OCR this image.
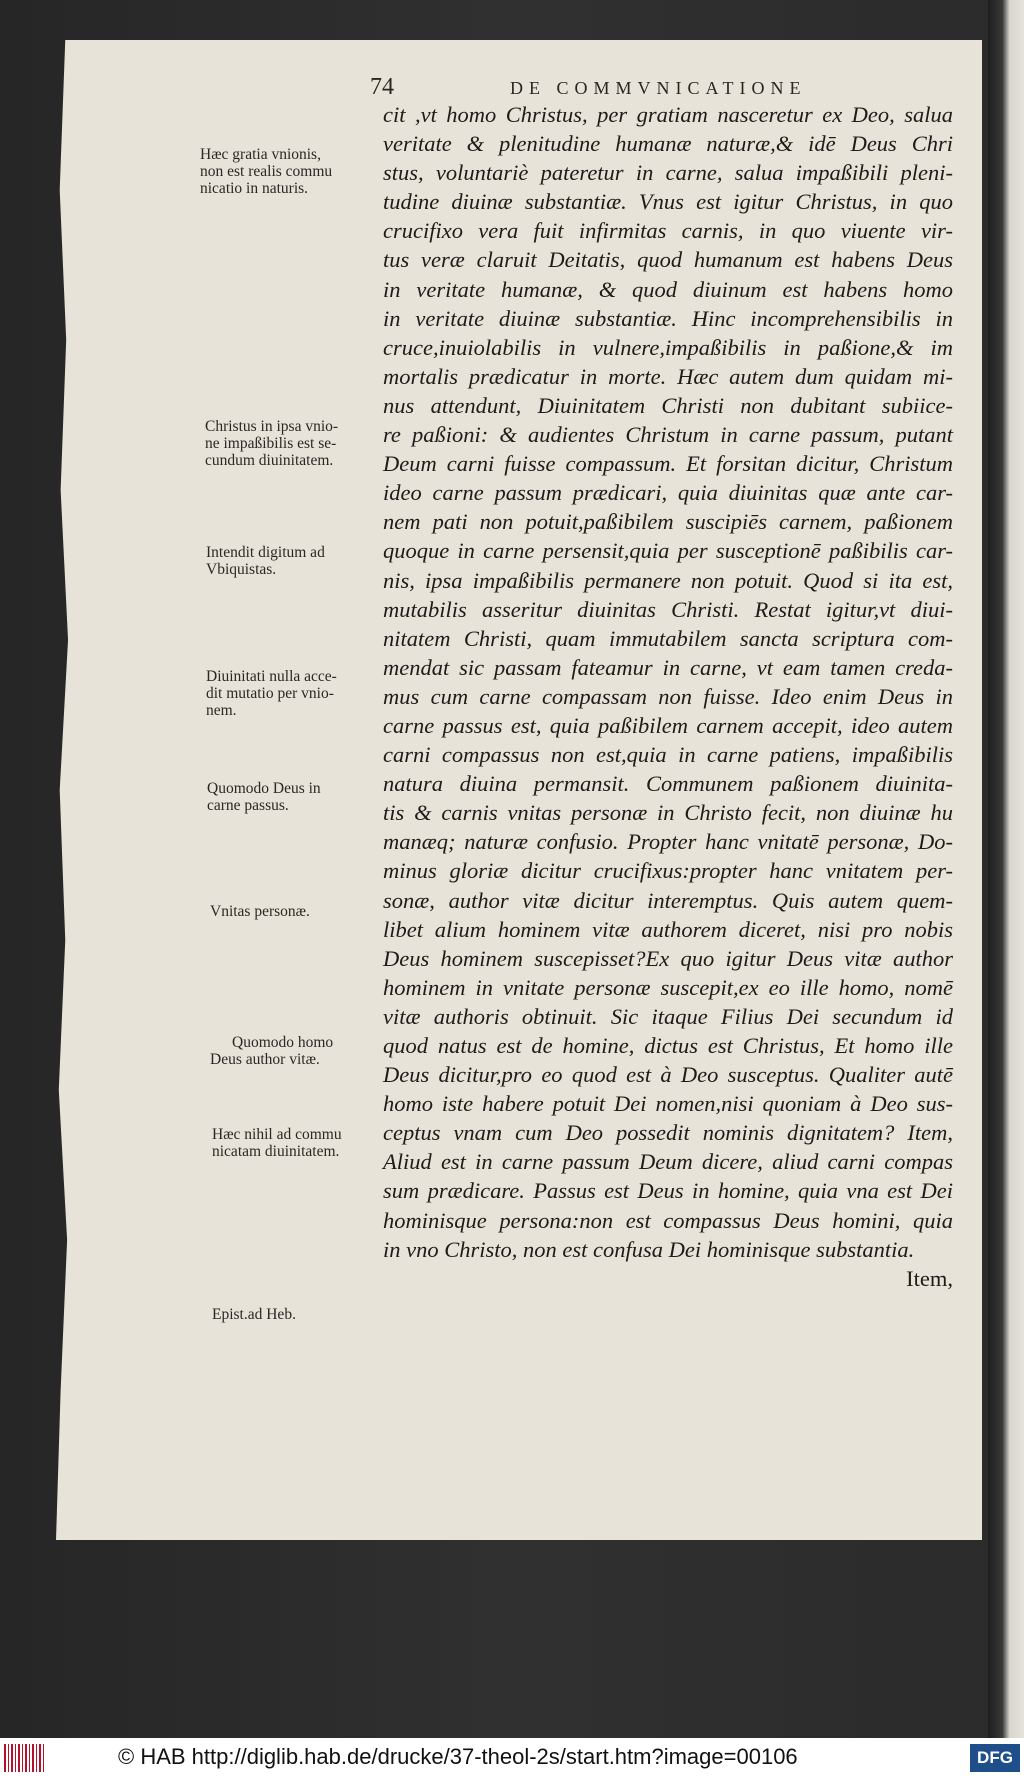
74	DE COMMVNICATIONE
cit ,vt homo Christus, per gratiam nasceretur ex Deo, salua
veritate & plenitudine humanæ naturæ,& idē Deus Chri
stus, voluntariè pateretur in carne, salua impaßibili pleni-
tudine diuinæ substantiæ. Vnus est igitur Christus, in quo
crucifixo vera fuit infirmitas carnis, in quo viuente vir-
tus veræ claruit Deitatis, quod humanum est habens Deus
in veritate humanæ, & quod diuinum est habens homo
in veritate diuinæ substantiæ. Hinc incomprehensibilis in
cruce,inuiolabilis in vulnere,impaßibilis in paßione,& im
mortalis prædicatur in morte. Hæc autem dum quidam mi-
nus attendunt, Diuinitatem Christi non dubitant subiice-
re paßioni: & audientes Christum in carne passum, putant
Deum carni fuisse compassum. Et forsitan dicitur, Christum
ideo carne passum prædicari, quia diuinitas quæ ante car-
nem pati non potuit,paßibilem suscipiēs carnem, paßionem
quoque in carne persensit,quia per susceptionē paßibilis car-
nis, ipsa impaßibilis permanere non potuit. Quod si ita est,
mutabilis asseritur diuinitas Christi. Restat igitur,vt diui-
nitatem Christi, quam immutabilem sancta scriptura com-
mendat sic passam fateamur in carne, vt eam tamen creda-
mus cum carne compassam non fuisse. Ideo enim Deus in
carne passus est, quia paßibilem carnem accepit, ideo autem
carni compassus non est,quia in carne patiens, impaßibilis
natura diuina permansit. Communem paßionem diuinita-
tis & carnis vnitas personæ in Christo fecit, non diuinæ hu
manæq; naturæ confusio. Propter hanc vnitatē personæ, Do-
minus gloriæ dicitur crucifixus:propter hanc vnitatem per-
sonæ, author vitæ dicitur interemptus. Quis autem quem-
libet alium hominem vitæ authorem diceret, nisi pro nobis
Deus hominem suscepisset?Ex quo igitur Deus vitæ author
hominem in vnitate personæ suscepit,ex eo ille homo, nomē
vitæ authoris obtinuit. Sic itaque Filius Dei secundum id
quod natus est de homine, dictus est Christus, Et homo ille
Deus dicitur,pro eo quod est à Deo susceptus. Qualiter autē
homo iste habere potuit Dei nomen,nisi quoniam à Deo sus-
ceptus vnam cum Deo possedit nominis dignitatem? Item,
Aliud est in carne passum Deum dicere, aliud carni compas
sum prædicare. Passus est Deus in homine, quia vna est Dei
hominisque persona:non est compassus Deus homini, quia
in vno Christo, non est confusa Dei hominisque substantia.
Item,
Hæc gratia vnionis,
non est realis commu
nicatio in naturis.
Christus in ipsa vnio-
ne impaßibilis est se-
cundum diuinitatem.
Intendit digitum ad
Vbiquistas.
Diuinitati nulla acce-
dit mutatio per vnio-
nem.
Quomodo Deus in
carne passus.
Vnitas personæ.
Quomodo homo
Deus author vitæ.
Hæc nihil ad commu
nicatam diuinitatem.
Epist.ad Heb.
© HAB http://diglib.hab.de/drucke/37-theol-2s/start.htm?image=00106	DFG
